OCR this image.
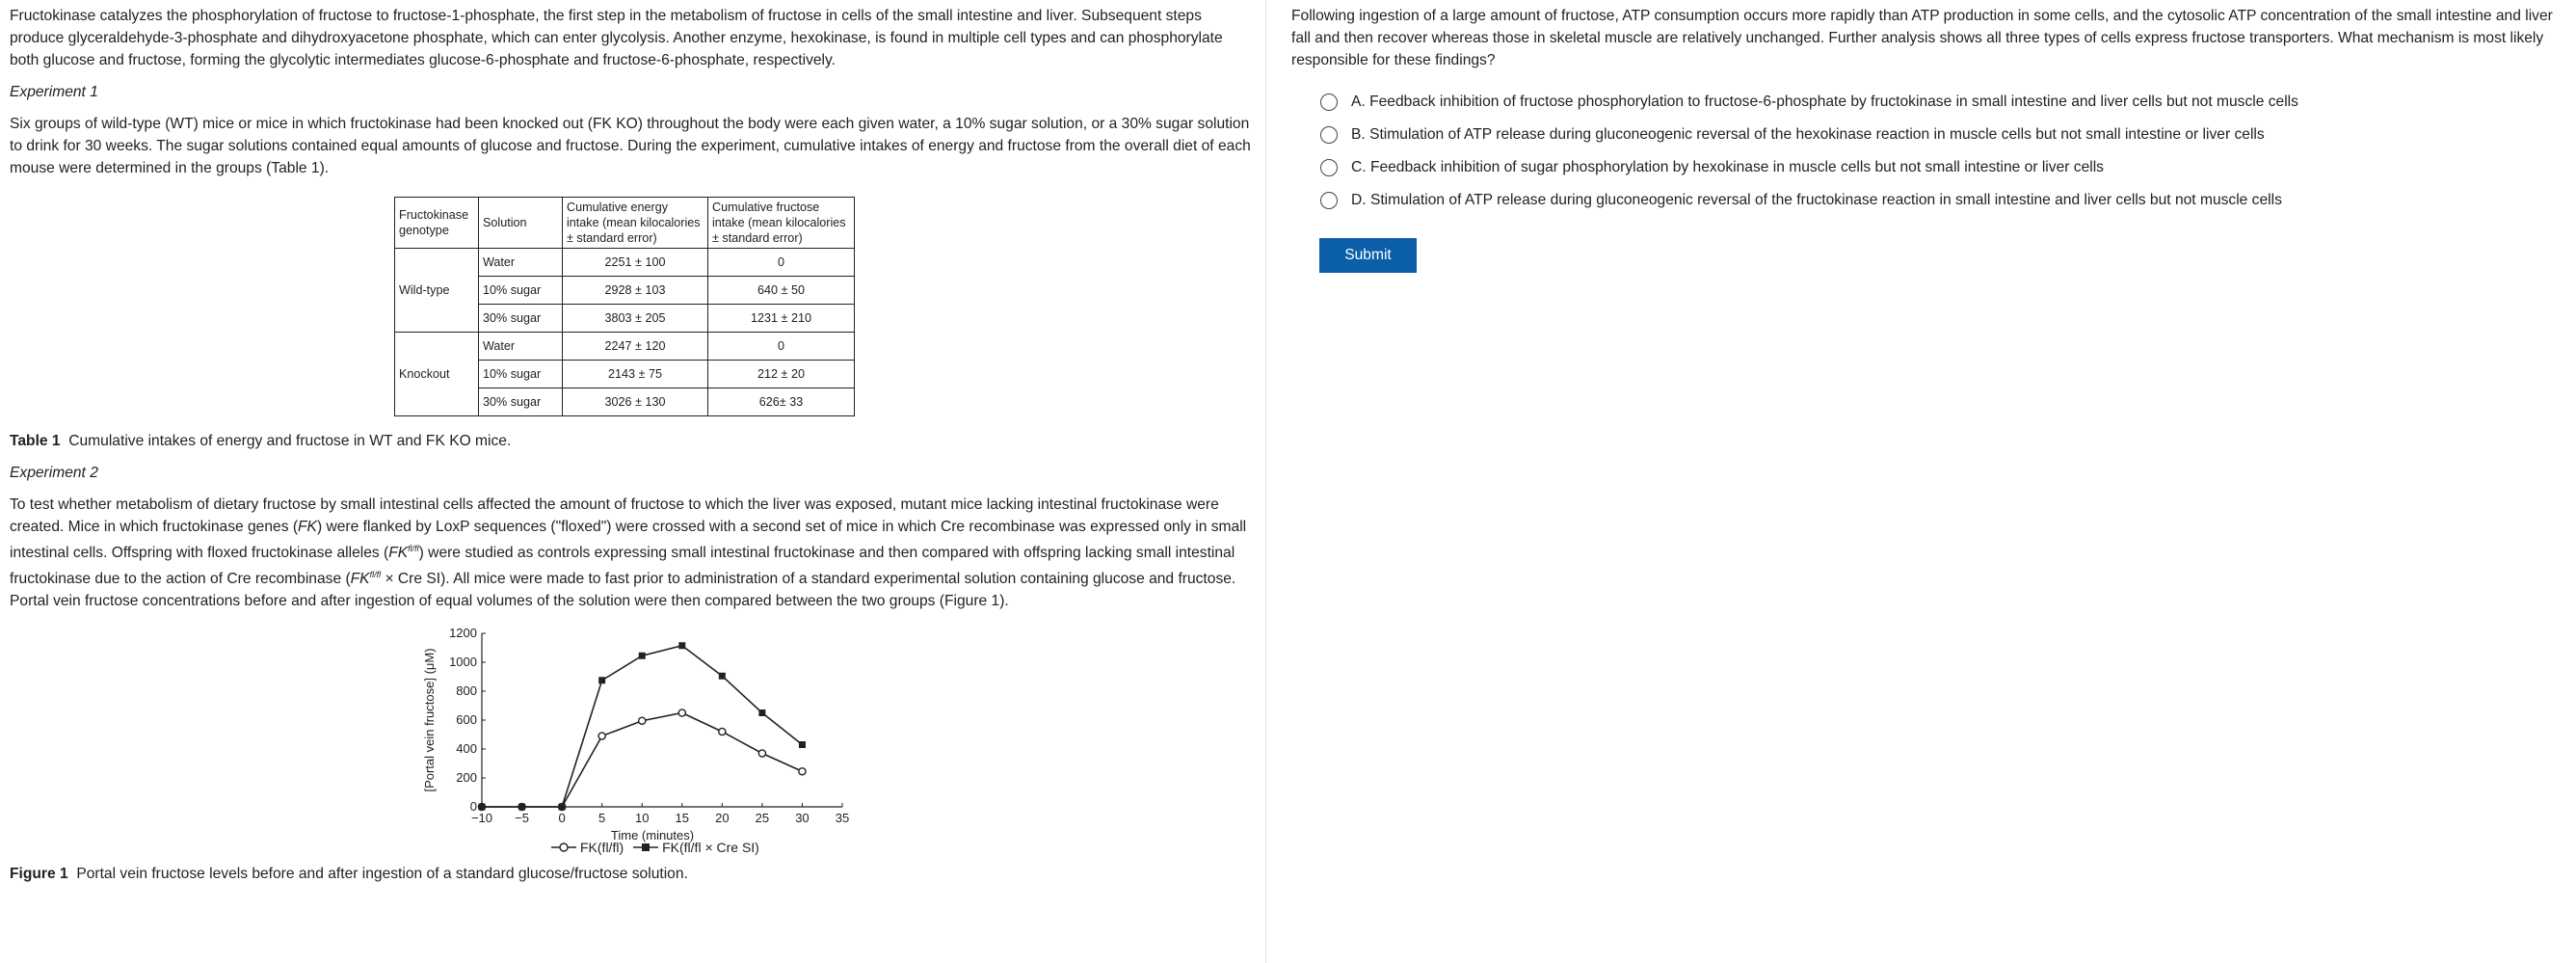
Fructokinase catalyzes the phosphorylation of fructose to fructose-1-phosphate, the first step in the metabolism of fructose in cells of the small intestine and liver. Subsequent steps produce glyceraldehyde-3-phosphate and dihydroxyacetone phosphate, which can enter glycolysis. Another enzyme, hexokinase, is found in multiple cell types and can phosphorylate both glucose and fructose, forming the glycolytic intermediates glucose-6-phosphate and fructose-6-phosphate, respectively.

Experiment 1

Six groups of wild-type (WT) mice or mice in which fructokinase had been knocked out (FK KO) throughout the body were each given water, a 10% sugar solution, or a 30% sugar solution to drink for 30 weeks. The sugar solutions contained equal amounts of glucose and fructose. During the experiment, cumulative intakes of energy and fructose from the overall diet of each mouse were determined in the groups (Table 1).

Fructokinase genotype	Solution	Cumulative energy intake (mean kilocalories ± standard error)	Cumulative fructose intake (mean kilocalories ± standard error)
Wild-type	Water	2251 ± 100	0
	10% sugar	2928 ± 103	640 ± 50
	30% sugar	3803 ± 205	1231 ± 210
Knockout	Water	2247 ± 120	0
	10% sugar	2143 ± 75	212 ± 20
	30% sugar	3026 ± 130	626± 33

Table 1 Cumulative intakes of energy and fructose in WT and FK KO mice.

Experiment 2

To test whether metabolism of dietary fructose by small intestinal cells affected the amount of fructose to which the liver was exposed, mutant mice lacking intestinal fructokinase were created. Mice in which fructokinase genes (FK) were flanked by LoxP sequences ("floxed") were crossed with a second set of mice in which Cre recombinase was expressed only in small intestinal cells. Offspring with floxed fructokinase alleles $(FK^{fl/fl})$ were studied as controls expressing small intestinal fructokinase and then compared with offspring lacking small intestinal fructokinase due to the action of Cre recombinase ($FK^{fl/fl}$ × Cre SI). All mice were made to fast prior to administration of a standard experimental solution containing glucose and fructose. Portal vein fructose concentrations before and after ingestion of equal volumes of the solution were then compared between the two groups (Figure 1).

0
200
400
600
800
1000
1200
−10 −5 0	5 10 15 20 25 30 35
Time (minutes)
[Portal vein fructose] (μM)
FK(fl/fl)	FK(fl/fl × Cre SI)

Figure 1 Portal vein fructose levels before and after ingestion of a standard glucose/fructose solution.

Following ingestion of a large amount of fructose, ATP consumption occurs more rapidly than ATP production in some cells, and the cytosolic ATP concentration of the small intestine and liver fall and then recover whereas those in skeletal muscle are relatively unchanged. Further analysis shows all three types of cells express fructose transporters. What mechanism is most likely responsible for these findings?

A.
Feedback inhibition of fructose phosphorylation to fructose-6-phosphate by fructokinase in small intestine and liver cells but not muscle cells
B.
Stimulation of ATP release during gluconeogenic reversal of the hexokinase reaction in muscle cells but not small intestine or liver cells
C.
Feedback inhibition of sugar phosphorylation by hexokinase in muscle cells but not small intestine or liver cells
D.
Stimulation of ATP release during gluconeogenic reversal of the fructokinase reaction in small intestine and liver cells but not muscle cells
Submit
